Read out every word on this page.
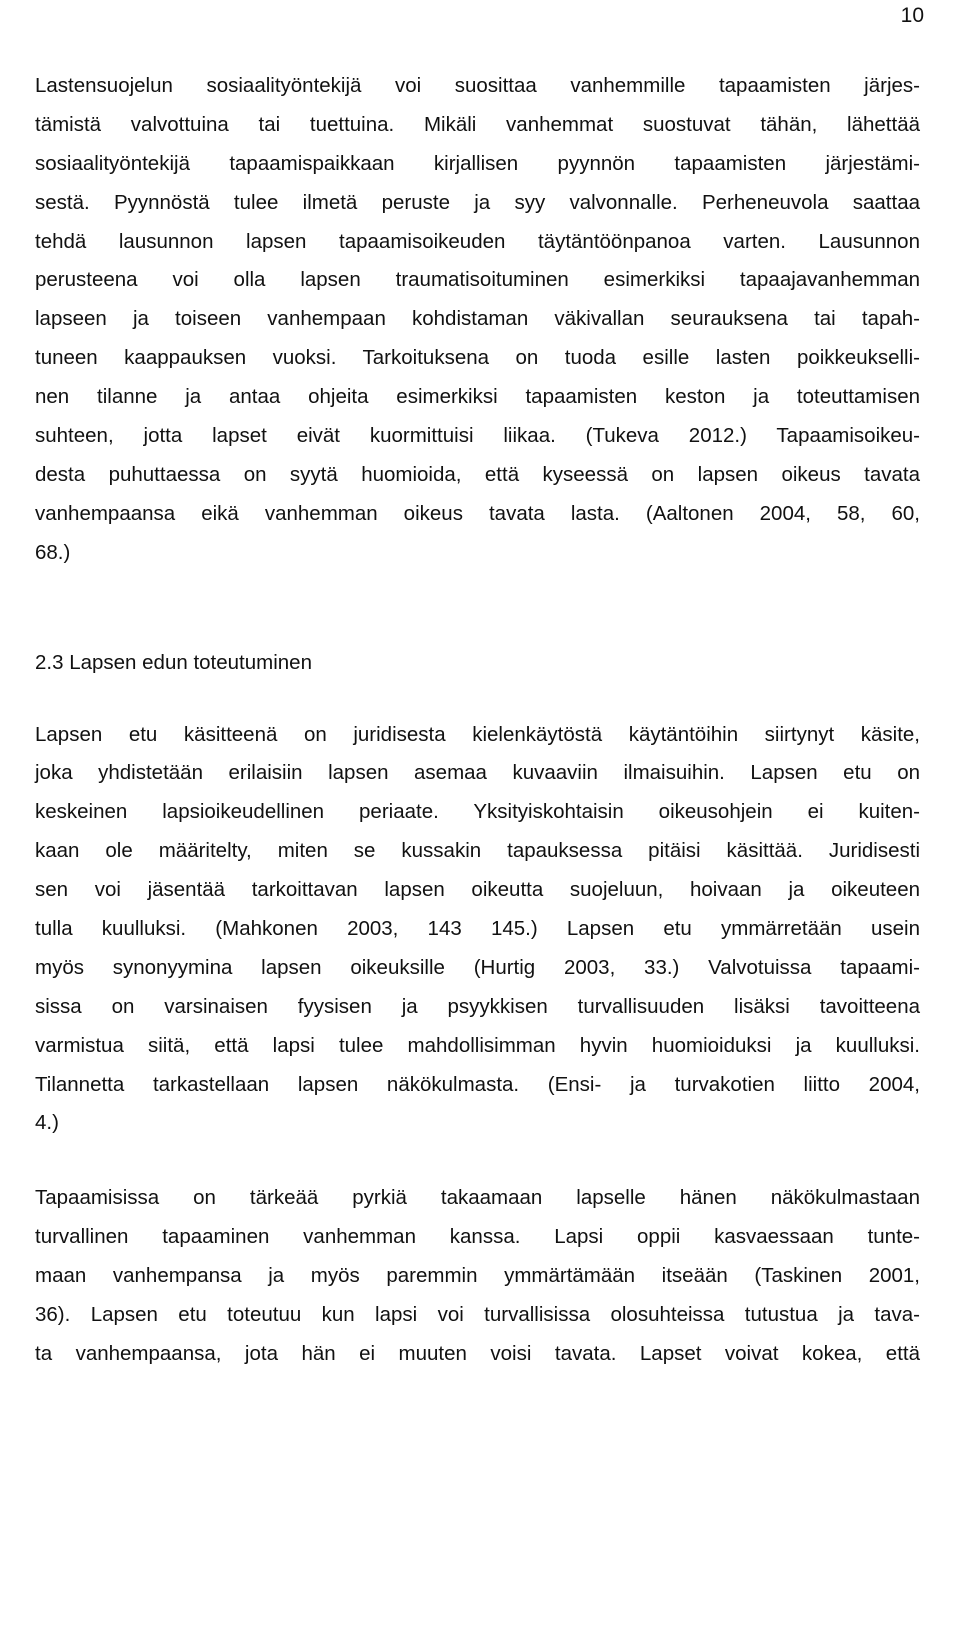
10
Lastensuojelun sosiaalityöntekijä voi suosittaa vanhemmille tapaamisten järjes-
tämistä valvottuina tai tuettuina. Mikäli vanhemmat suostuvat tähän, lähettää
sosiaalityöntekijä tapaamispaikkaan kirjallisen pyynnön tapaamisten järjestämi-
sestä. Pyynnöstä tulee ilmetä peruste ja syy valvonnalle. Perheneuvola saattaa
tehdä lausunnon lapsen tapaamisoikeuden täytäntöönpanoa varten. Lausunnon
perusteena voi olla lapsen traumatisoituminen esimerkiksi tapaajavanhemman
lapseen ja toiseen vanhempaan kohdistaman väkivallan seurauksena tai tapah-
tuneen kaappauksen vuoksi. Tarkoituksena on tuoda esille lasten poikkeukselli-
nen tilanne ja antaa ohjeita esimerkiksi tapaamisten keston ja toteuttamisen
suhteen, jotta lapset eivät kuormittuisi liikaa. (Tukeva 2012.) Tapaamisoikeu-
desta puhuttaessa on syytä huomioida, että kyseessä on lapsen oikeus tavata
vanhempaansa eikä vanhemman oikeus tavata lasta. (Aaltonen 2004, 58, 60,
68.)
2.3 Lapsen edun toteutuminen
Lapsen etu käsitteenä on juridisesta kielenkäytöstä käytäntöihin siirtynyt käsite,
joka yhdistetään erilaisiin lapsen asemaa kuvaaviin ilmaisuihin. Lapsen etu on
keskeinen lapsioikeudellinen periaate. Yksityiskohtaisin oikeusohjein ei kuiten-
kaan ole määritelty, miten se kussakin tapauksessa pitäisi käsittää. Juridisesti
sen voi jäsentää tarkoittavan lapsen oikeutta suojeluun, hoivaan ja oikeuteen
tulla kuulluksi. (Mahkonen 2003, 143 145.) Lapsen etu ymmärretään usein
myös synonyymina lapsen oikeuksille (Hurtig 2003, 33.) Valvotuissa tapaami-
sissa on varsinaisen fyysisen ja psyykkisen turvallisuuden lisäksi tavoitteena
varmistua siitä, että lapsi tulee mahdollisimman hyvin huomioiduksi ja kuulluksi.
Tilannetta tarkastellaan lapsen näkökulmasta. (Ensi- ja turvakotien liitto 2004,
4.)
Tapaamisissa on tärkeää pyrkiä takaamaan lapselle hänen näkökulmastaan
turvallinen tapaaminen vanhemman kanssa. Lapsi oppii kasvaessaan tunte-
maan vanhempansa ja myös paremmin ymmärtämään itseään (Taskinen 2001,
36). Lapsen etu toteutuu kun lapsi voi turvallisissa olosuhteissa tutustua ja tava-
ta vanhempaansa, jota hän ei muuten voisi tavata. Lapset voivat kokea, että
